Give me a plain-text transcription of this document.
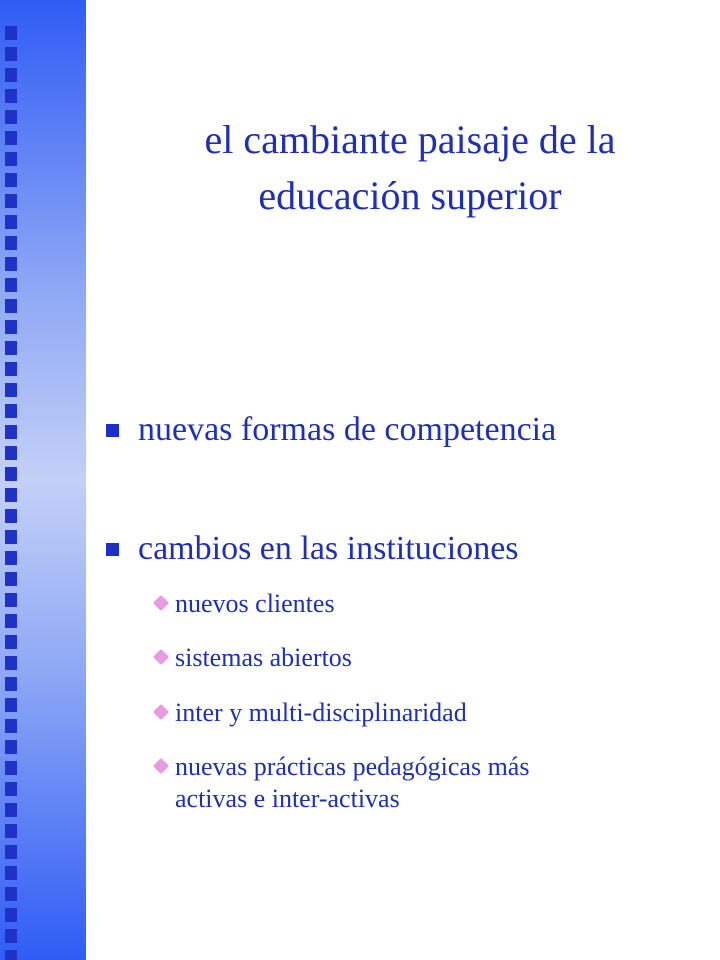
el cambiante paisaje de la
educación superior
nuevas formas de competencia
cambios en las instituciones
nuevos clientes
sistemas abiertos
inter y multi-disciplinaridad
nuevas prácticas pedagógicas más
activas e inter-activas
